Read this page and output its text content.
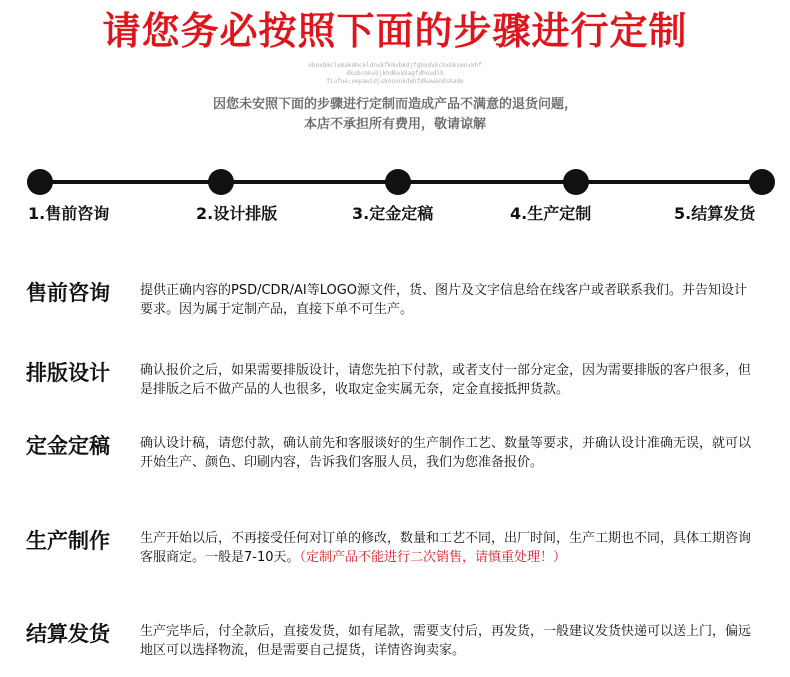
请您务必按照下面的步骤进行定制
obnxbmclxmakdmckldnvkfkmvbkdjfgbvdvkchxbkvmnvkhf
dkvbcmkvbjkhdbvkbagfdhoudlh
fiufue;oepawidjsknovnkdehfdkawendshade
因您未安照下面的步骤进行定制而造成产品不满意的退货问题，
本店不承担所有费用，敬请谅解
1.售前咨询	2.设计排版	3.定金定稿	4.生产定制	5.结算发货
售前咨询 提供正确内容的PSD/CDR/AI等LOGO源文件，货、图片及文字信息给在线客户或者联系我们。并告知设计要求。因为属于定制产品，直接下单不可生产。
排版设计 确认报价之后，如果需要排版设计，请您先拍下付款，或者支付一部分定金，因为需要排版的客户很多，但是排版之后不做产品的人也很多，收取定金实属无奈，定金直接抵押货款。
定金定稿 确认设计稿，请您付款，确认前先和客服谈好的生产制作工艺、数量等要求，并确认设计准确无误，就可以开始生产、颜色、印刷内容，告诉我们客服人员，我们为您准备报价。
生产制作 生产开始以后，不再接受任何对订单的修改，数量和工艺不同，出厂时间，生产工期也不同，具体工期咨询客服商定。一般是7-10天。（定制产品不能进行二次销售，请慎重处理！）
结算发货 生产完毕后，付全款后，直接发货，如有尾款，需要支付后，再发货，一般建议发货快递可以送上门，偏远地区可以选择物流，但是需要自己提货，详情咨询卖家。
